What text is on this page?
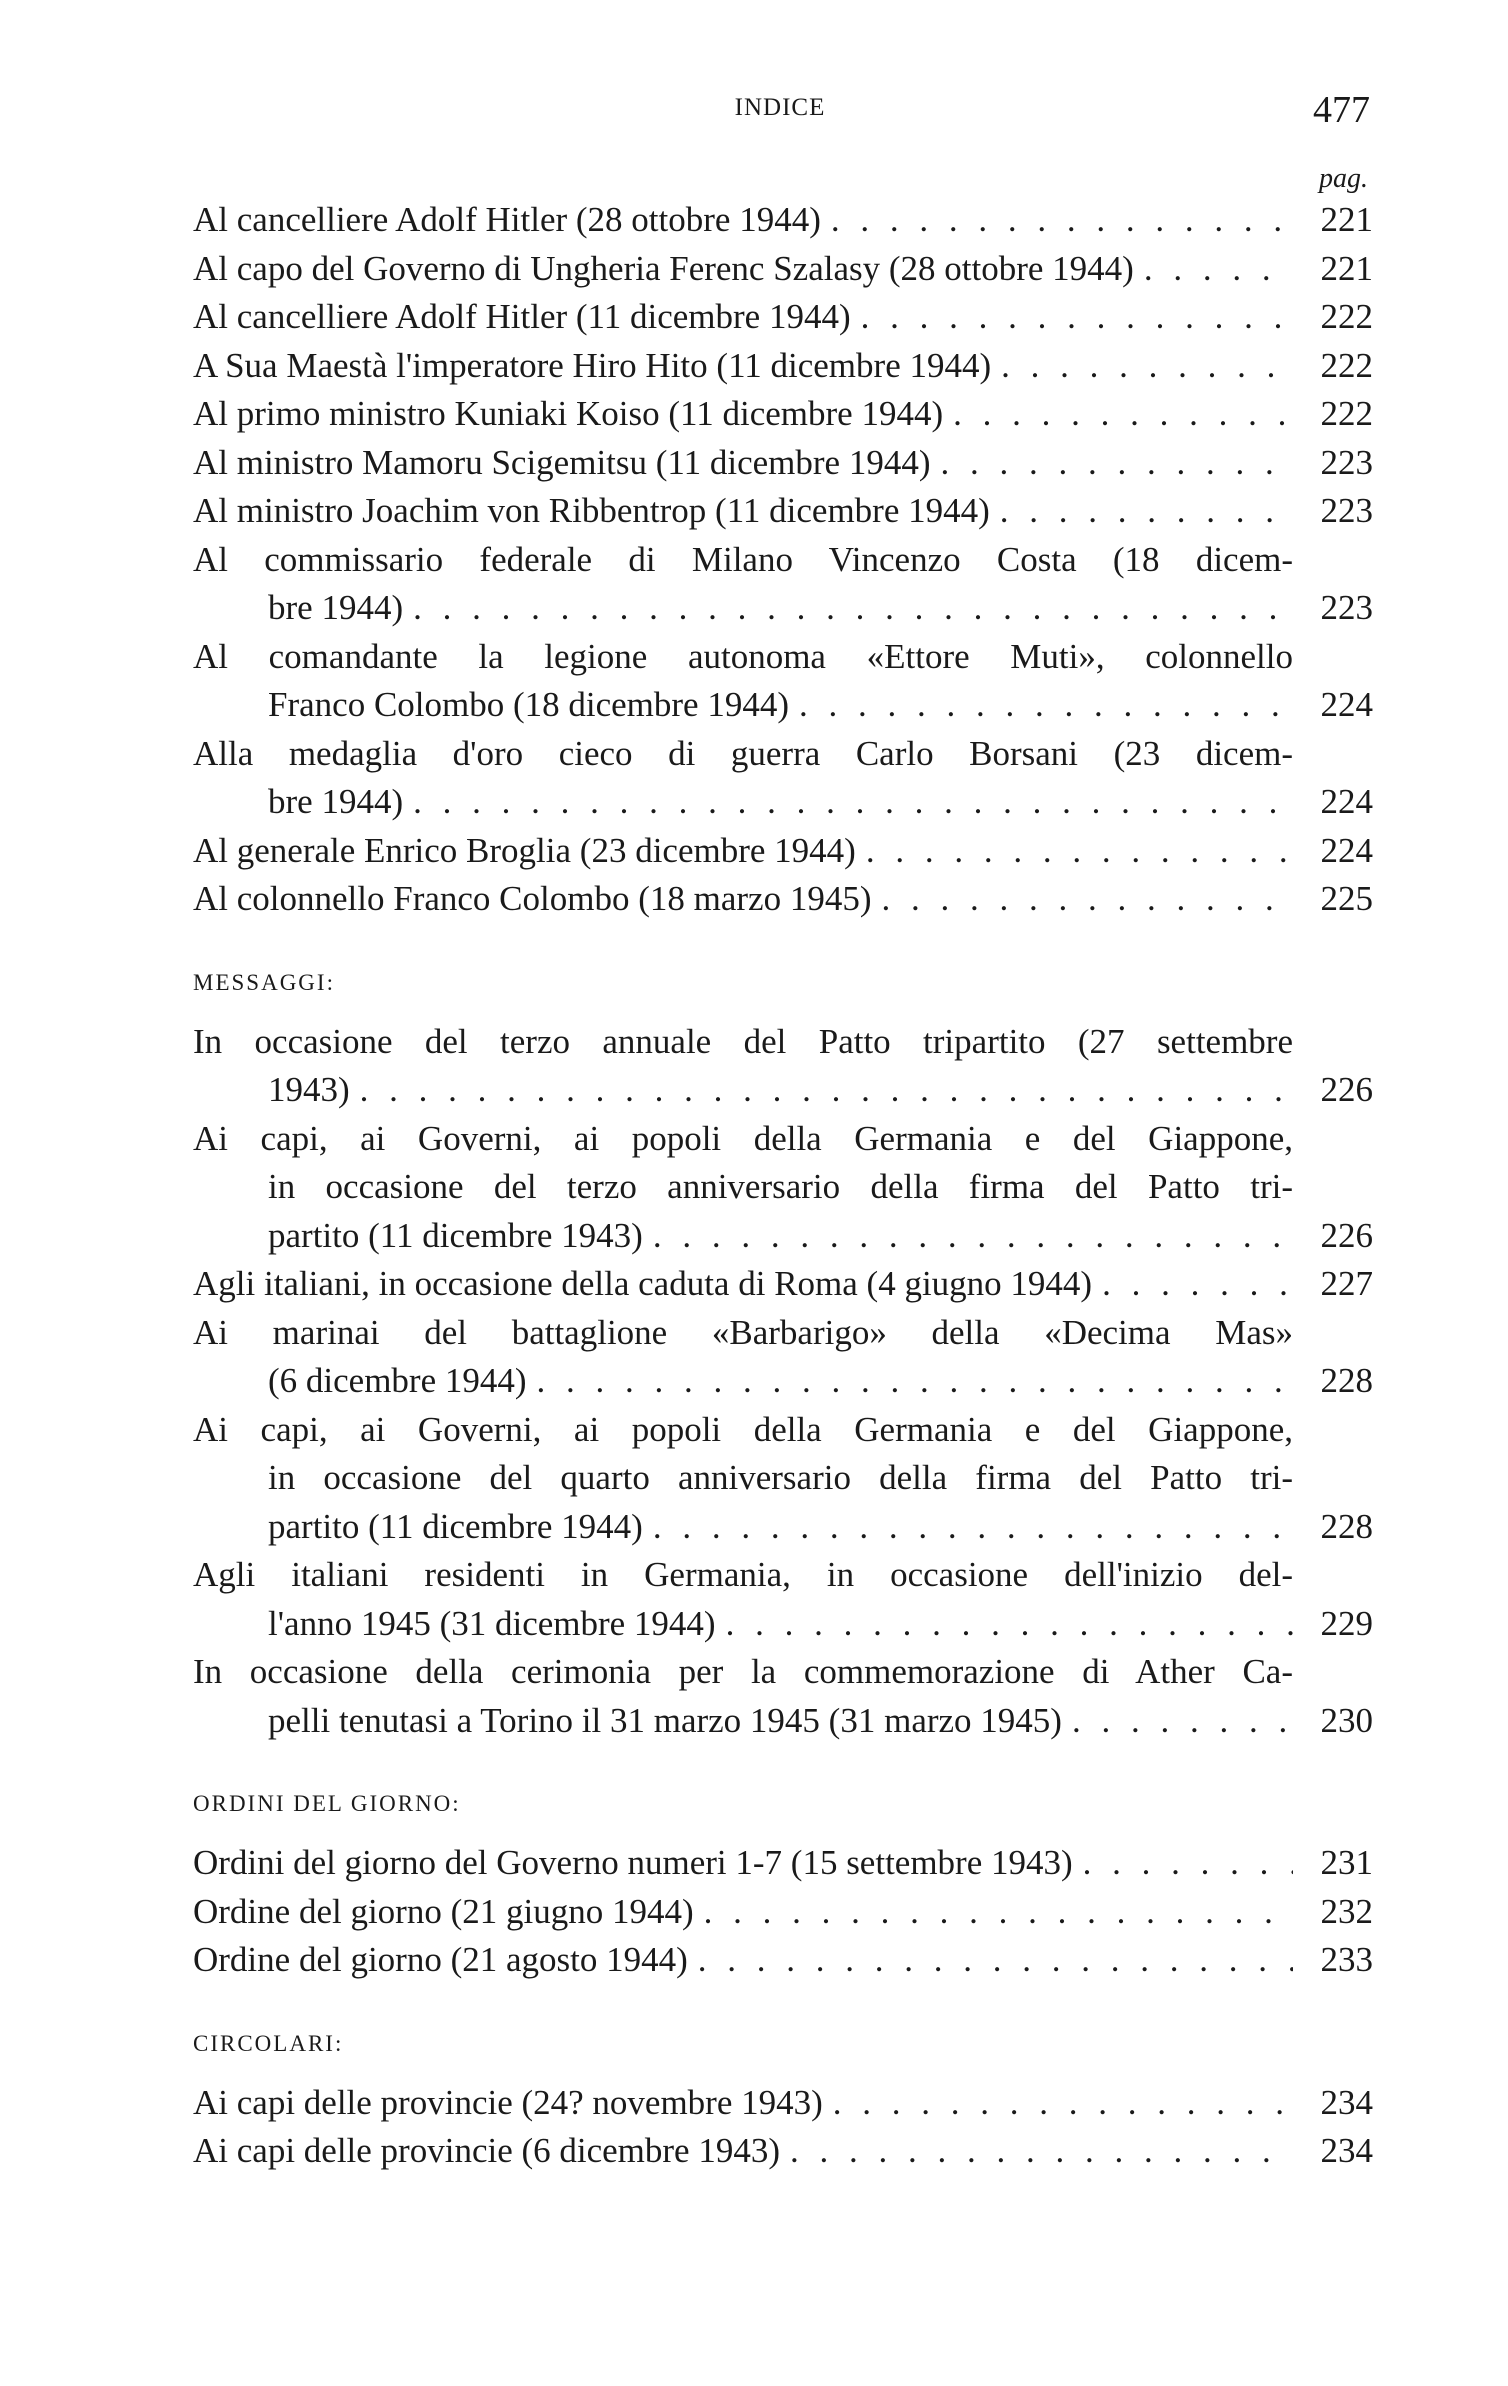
INDICE	477
pag.
Al cancelliere Adolf Hitler (28 ottobre 1944) . . .	221
Al capo del Governo di Ungheria Ferenc Szalasy (28 ottobre 1944) . . .	221
Al cancelliere Adolf Hitler (11 dicembre 1944) . . .	222
A Sua Maestà l'imperatore Hiro Hito (11 dicembre 1944) . . .	222
Al primo ministro Kuniaki Koiso (11 dicembre 1944) . . .	222
Al ministro Mamoru Scigemitsu (11 dicembre 1944) . . .	223
Al ministro Joachim von Ribbentrop (11 dicembre 1944) . . .	223
Al commissario federale di Milano Vincenzo Costa (18 dicem-
bre 1944) . . .	223
Al comandante la legione autonoma «Ettore Muti», colonnello
Franco Colombo (18 dicembre 1944) . . .	224
Alla medaglia d'oro cieco di guerra Carlo Borsani (23 dicem-
bre 1944) . . .	224
Al generale Enrico Broglia (23 dicembre 1944) . . .	224
Al colonnello Franco Colombo (18 marzo 1945) . . .	225
MESSAGGI:
In occasione del terzo annuale del Patto tripartito (27 settembre
1943) . . .	226
Ai capi, ai Governi, ai popoli della Germania e del Giappone,
in occasione del terzo anniversario della firma del Patto tri-
partito (11 dicembre 1943) . . .	226
Agli italiani, in occasione della caduta di Roma (4 giugno 1944) . . .	227
Ai marinai del battaglione «Barbarigo» della «Decima Mas»
(6 dicembre 1944) . . .	228
Ai capi, ai Governi, ai popoli della Germania e del Giappone,
in occasione del quarto anniversario della firma del Patto tri-
partito (11 dicembre 1944) . . .	228
Agli italiani residenti in Germania, in occasione dell'inizio del-
l'anno 1945 (31 dicembre 1944) . . .	229
In occasione della cerimonia per la commemorazione di Ather Ca-
pelli tenutasi a Torino il 31 marzo 1945 (31 marzo 1945) . . .	230
ORDINI DEL GIORNO:
Ordini del giorno del Governo numeri 1-7 (15 settembre 1943) . . .	231
Ordine del giorno (21 giugno 1944) . . .	232
Ordine del giorno (21 agosto 1944) . . .	233
CIRCOLARI:
Ai capi delle provincie (24? novembre 1943) . . .	234
Ai capi delle provincie (6 dicembre 1943) . . .	234
